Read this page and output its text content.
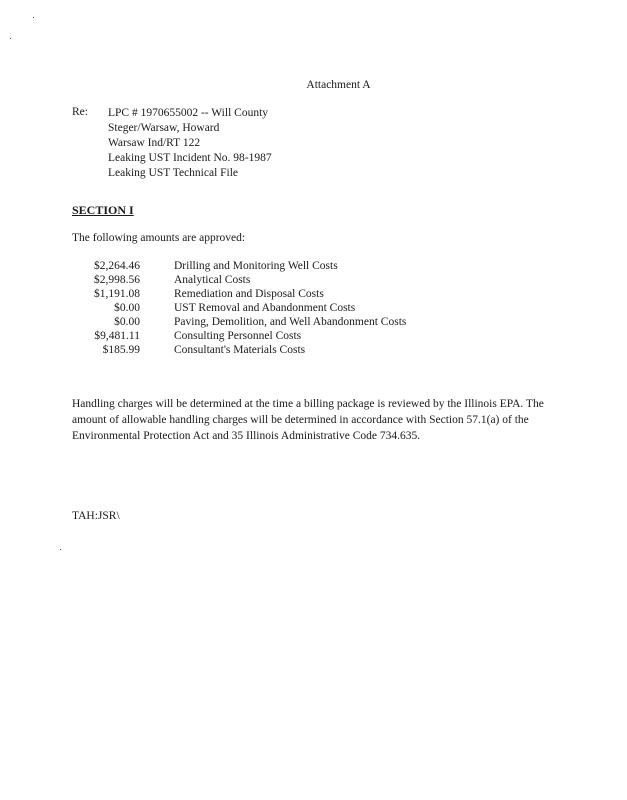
Attachment A
Re: LPC # 1970655002 -- Will County
Steger/Warsaw, Howard
Warsaw Ind/RT 122
Leaking UST Incident No. 98-1987
Leaking UST Technical File
SECTION I
The following amounts are approved:
$2,264.46	Drilling and Monitoring Well Costs
$2,998.56	Analytical Costs
$1,191.08	Remediation and Disposal Costs
$0.00	UST Removal and Abandonment Costs
$0.00	Paving, Demolition, and Well Abandonment Costs
$9,481.11	Consulting Personnel Costs
$185.99	Consultant's Materials Costs
Handling charges will be determined at the time a billing package is reviewed by the Illinois EPA. The amount of allowable handling charges will be determined in accordance with Section 57.1(a) of the Environmental Protection Act and 35 Illinois Administrative Code 734.635.
TAH:JSR\
